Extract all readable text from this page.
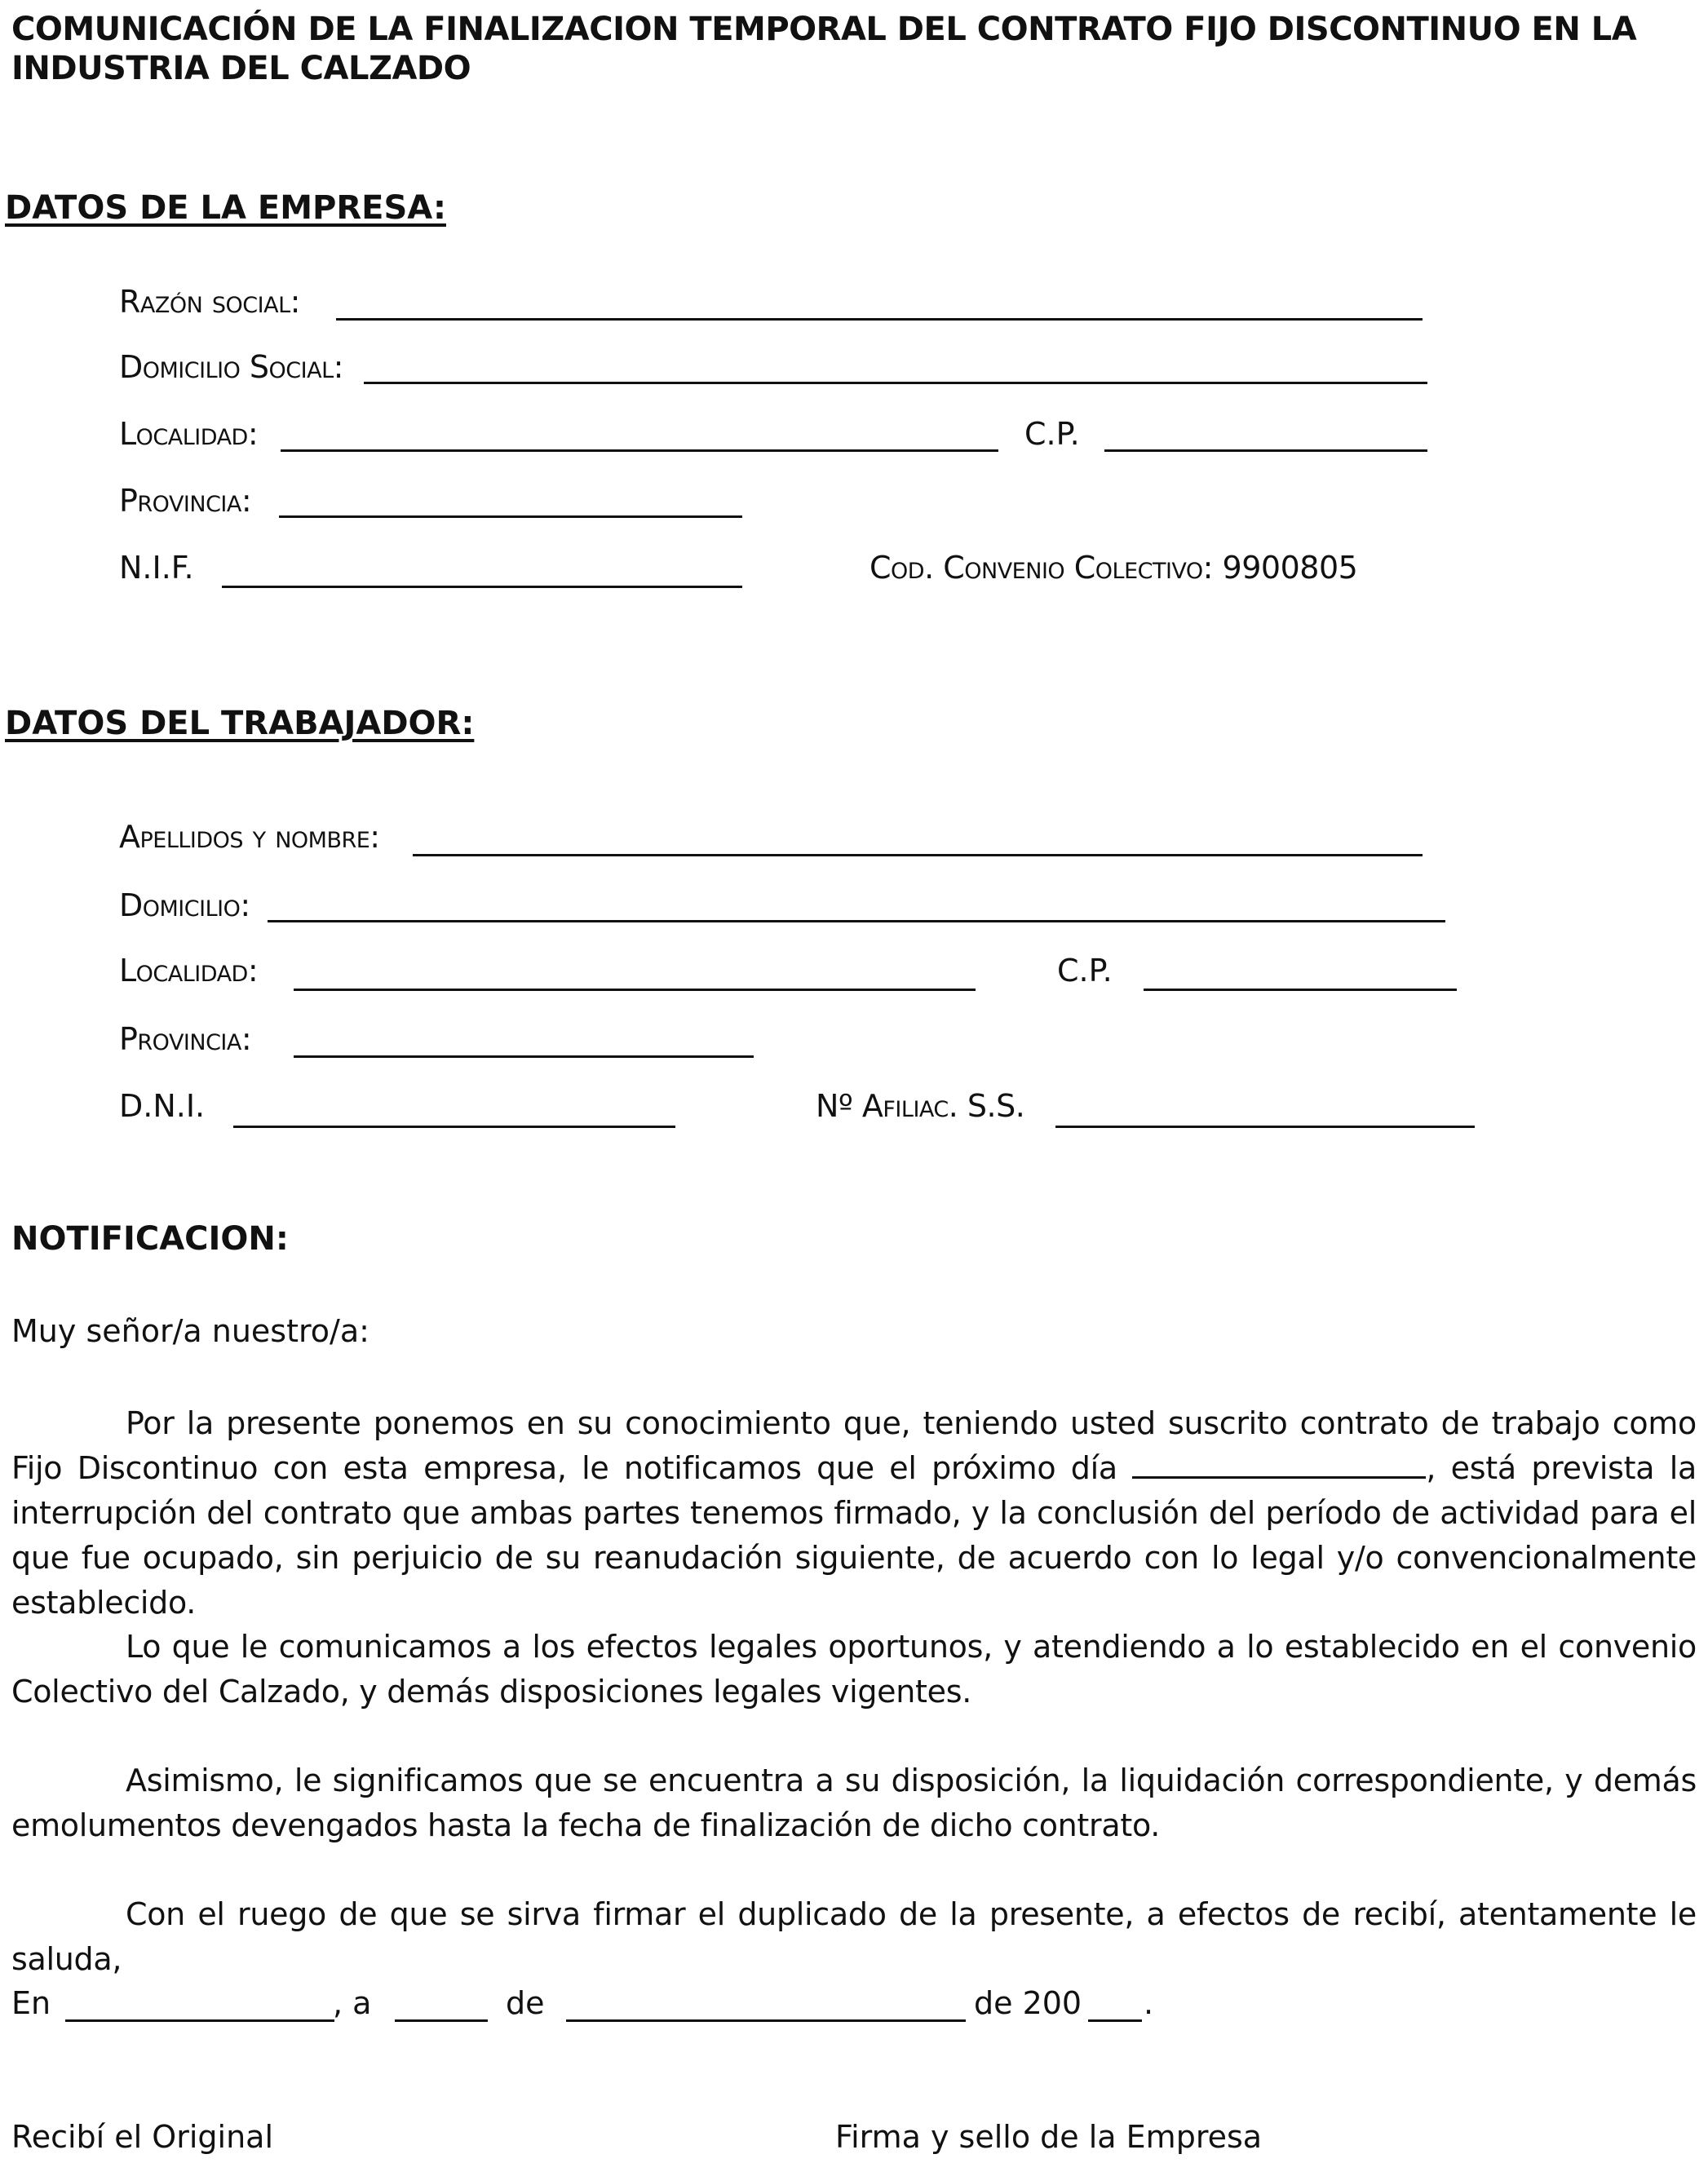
COMUNICACIÓN DE LA FINALIZACION TEMPORAL DEL CONTRATO FIJO DISCONTINUO EN LA
INDUSTRIA DEL CALZADO
DATOS DE LA EMPRESA:
Razón social:
Domicilio Social:
Localidad:	C.P.
Provincia:
N.I.F.	Cod. Convenio Colectivo: 9900805
DATOS DEL TRABAJADOR:
Apellidos y nombre:
Domicilio:
Localidad:	C.P.
Provincia:
D.N.I.	Nº Afiliac. S.S.
NOTIFICACION:
Muy señor/a nuestro/a:
Por la presente ponemos en su conocimiento que, teniendo usted suscrito contrato de trabajo como Fijo Discontinuo con esta empresa, le notificamos que el próximo día	, está prevista la interrupción del contrato que ambas partes tenemos firmado, y la conclusión del período de actividad para el que fue ocupado, sin perjuicio de su reanudación siguiente, de acuerdo con lo legal y/o convencionalmente establecido.
Lo que le comunicamos a los efectos legales oportunos, y atendiendo a lo establecido en el convenio Colectivo del Calzado, y demás disposiciones legales vigentes.
Asimismo, le significamos que se encuentra a su disposición, la liquidación correspondiente, y demás emolumentos devengados hasta la fecha de finalización de dicho contrato.
Con el ruego de que se sirva firmar el duplicado de la presente, a efectos de recibí, atentamente le saluda,
En	, a	de	de 200 .
Recibí el Original	Firma y sello de la Empresa
